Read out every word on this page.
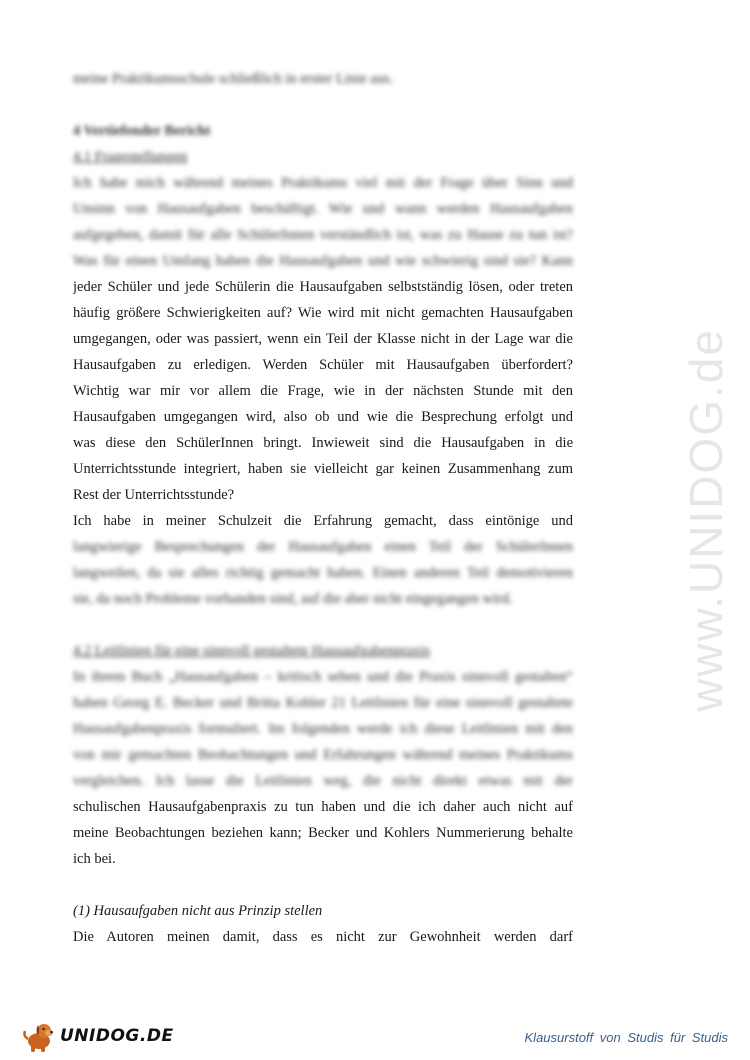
www.UNIDOG.de
meine Praktikumsschule schließlich in erster Linie aus.
4 Vertiefender Bericht
4.1 Fragestellungen
Ich habe mich während meines Praktikums viel mit der Frage über Sinn und
Unsinn von Hausaufgaben beschäftigt. Wie und wann werden Hausaufgaben
aufgegeben, damit für alle SchülerInnen verständlich ist, was zu Hause zu tun ist?
Was für einen Umfang haben die Hausaufgaben und wie schwierig sind sie? Kann
jeder Schüler und jede Schülerin die Hausaufgaben selbstständig lösen, oder treten
häufig größere Schwierigkeiten auf? Wie wird mit nicht gemachten Hausaufgaben
umgegangen, oder was passiert, wenn ein Teil der Klasse nicht in der Lage war die
Hausaufgaben zu erledigen. Werden Schüler mit Hausaufgaben überfordert?
Wichtig war mir vor allem die Frage, wie in der nächsten Stunde mit den
Hausaufgaben umgegangen wird, also ob und wie die Besprechung erfolgt und
was diese den SchülerInnen bringt. Inwieweit sind die Hausaufgaben in die
Unterrichtsstunde integriert, haben sie vielleicht gar keinen Zusammenhang zum
Rest der Unterrichtsstunde?
Ich habe in meiner Schulzeit die Erfahrung gemacht, dass eintönige und
langwierige Besprechungen der Hausaufgaben einen Teil der SchülerInnen
langweilen, da sie alles richtig gemacht haben. Einen anderen Teil demotivieren
sie, da noch Probleme vorhanden sind, auf die aber nicht eingegangen wird.
4.2 Leitlinien für eine sinnvoll gestaltete Hausaufgabenpraxis
In ihrem Buch „Hausaufgaben – kritisch sehen und die Praxis sinnvoll gestalten“
haben Georg E. Becker und Britta Kohler 21 Leitlinien für eine sinnvoll gestaltete
Hausaufgabenpraxis formuliert. Im folgenden werde ich diese Leitlinien mit den
von mir gemachten Beobachtungen und Erfahrungen während meines Praktikums
vergleichen. Ich lasse die Leitlinien weg, die nicht direkt etwas mit der
schulischen Hausaufgabenpraxis zu tun haben und die ich daher auch nicht auf
meine Beobachtungen beziehen kann; Becker und Kohlers Nummerierung behalte
ich bei.
(1) Hausaufgaben nicht aus Prinzip stellen
Die Autoren meinen damit, dass es nicht zur Gewohnheit werden darf
UNIDOG.DE	Klausurstoff von Studis für Studis
